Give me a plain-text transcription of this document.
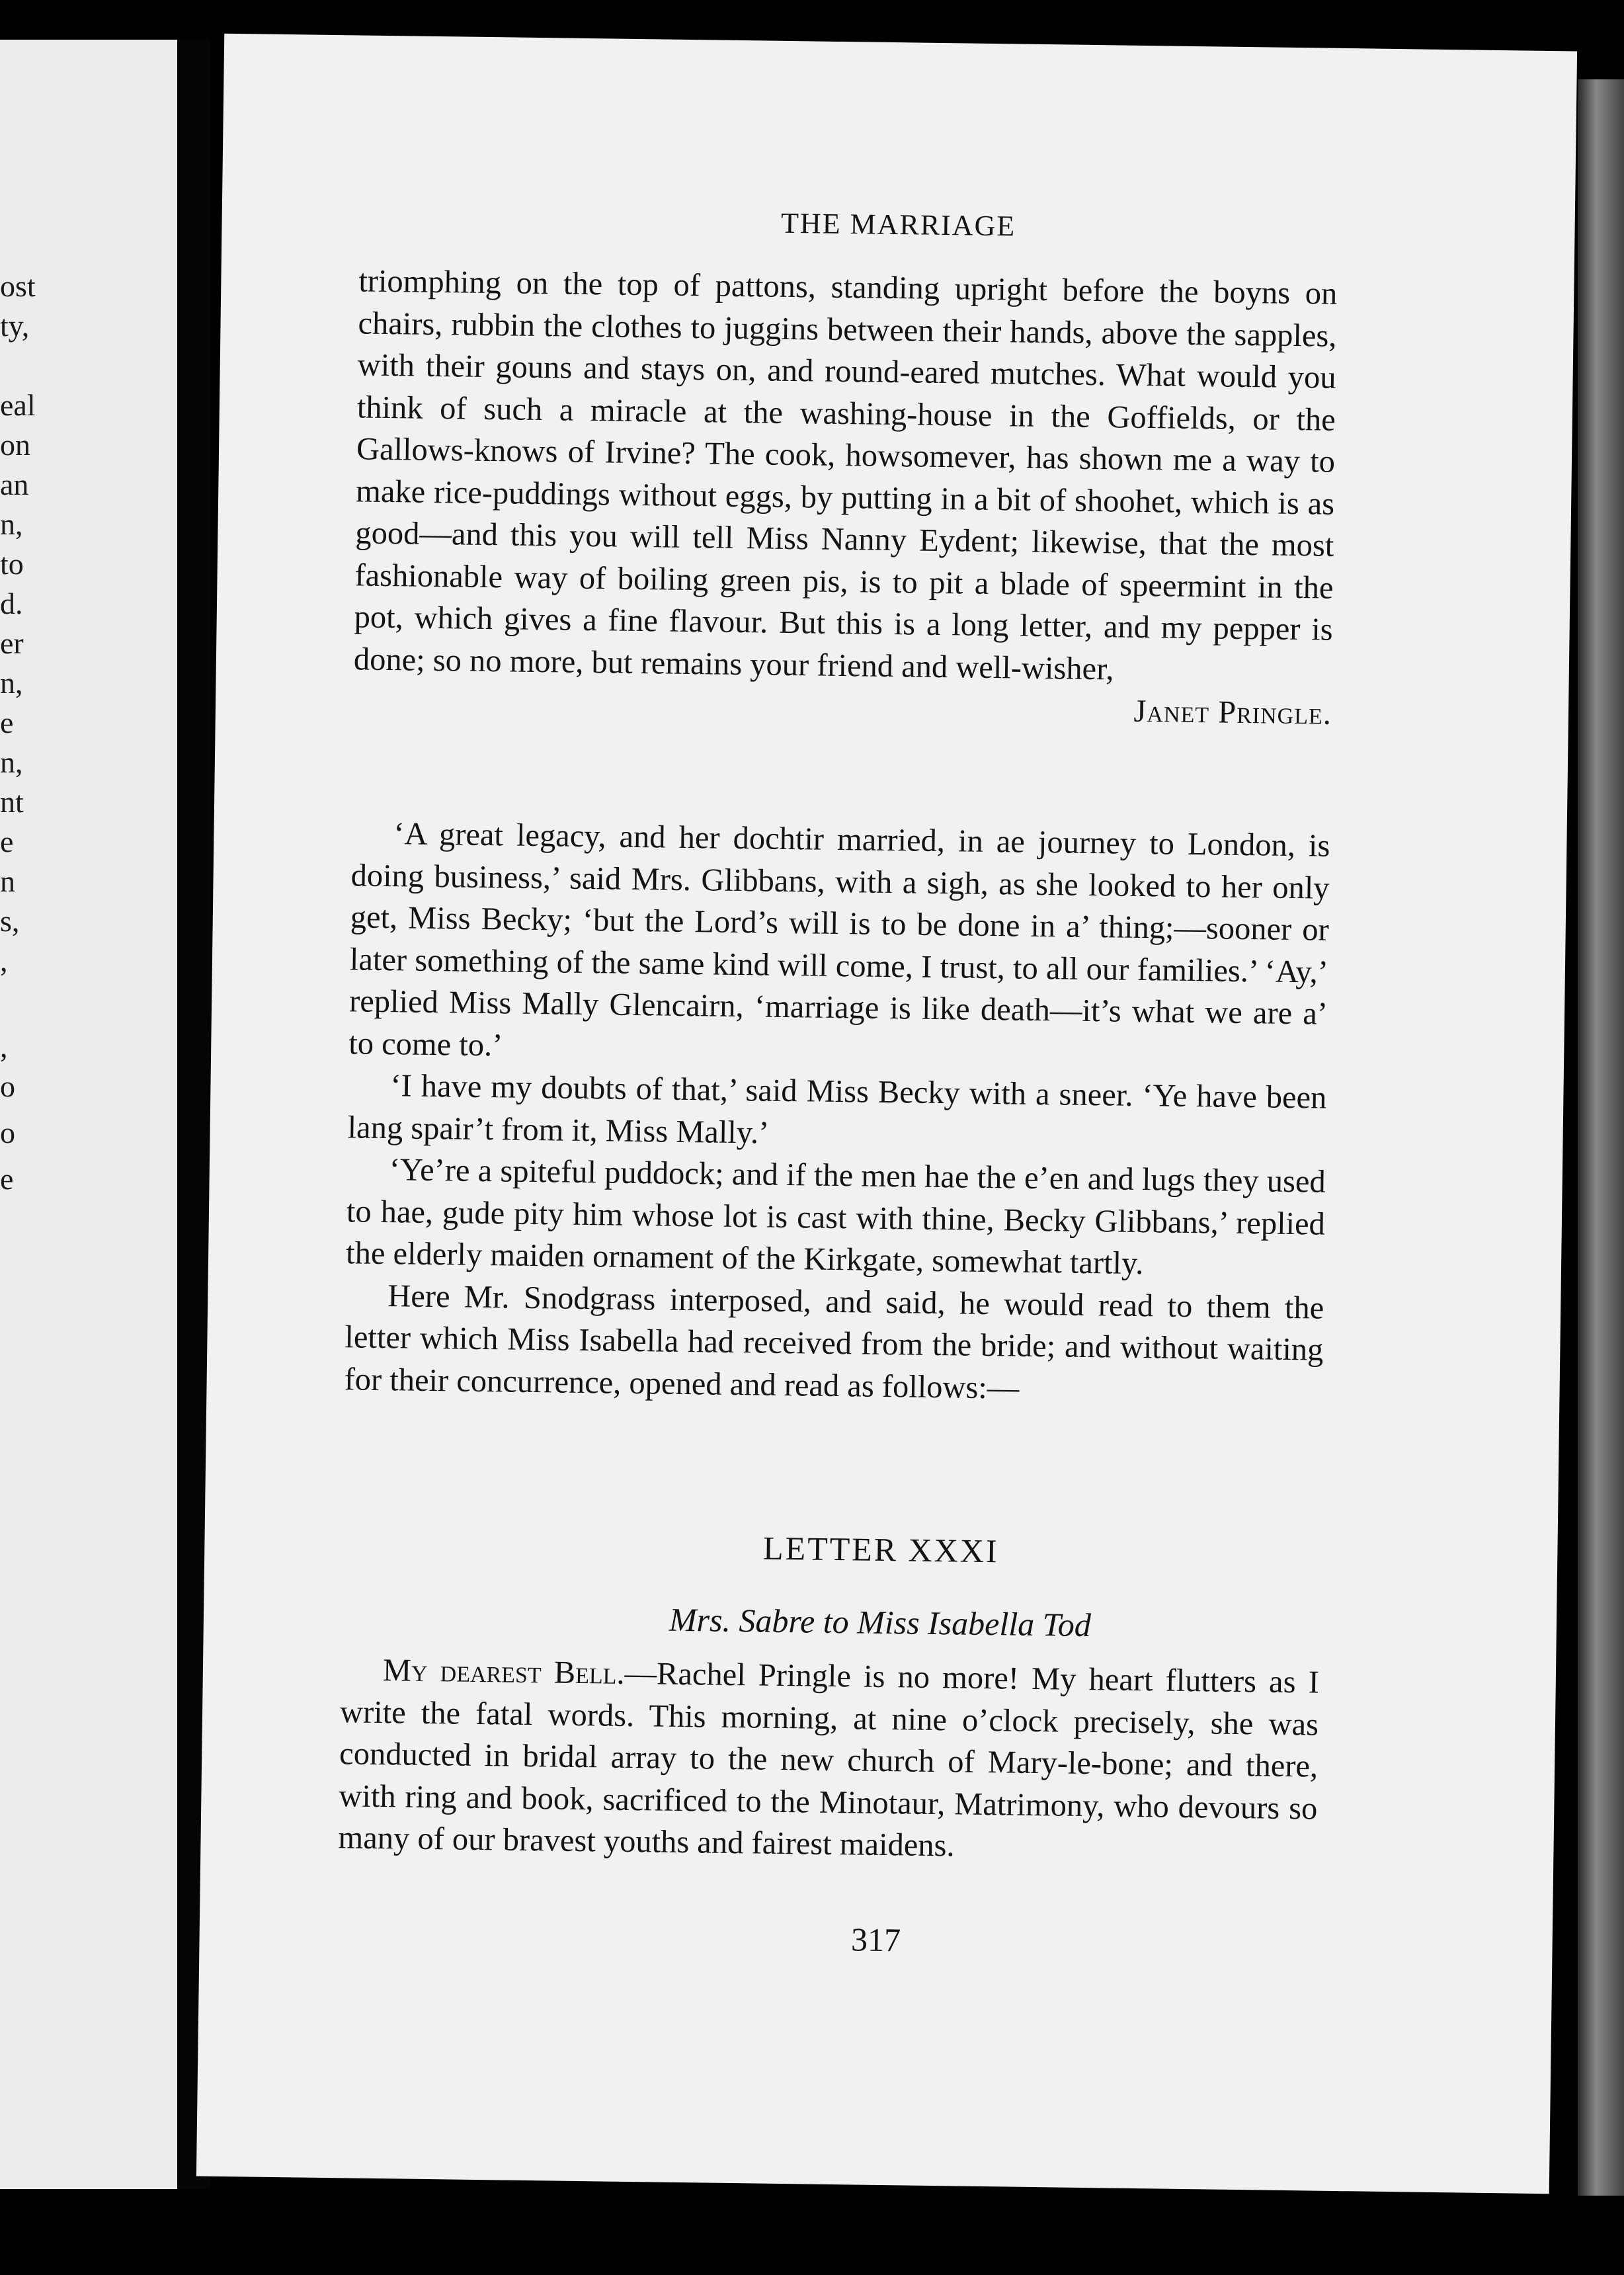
ost
ty,
eal
on
an
n,
to
d.
er
n,
e
n,
nt
e
n
s,
,
,
o
o
e
THE MARRIAGE

triomphing on the top of pattons, standing upright before the boyns on chairs, rubbin the clothes to juggins between their hands, above the sapples, with their gouns and stays on, and round-eared mutches. What would you think of such a miracle at the washing-house in the Goffields, or the Gallows-knows of Irvine? The cook, howsomever, has shown me a way to make rice-puddings without eggs, by putting in a bit of shoohet, which is as good—and this you will tell Miss Nanny Eydent; likewise, that the most fashionable way of boiling green pis, is to pit a blade of speermint in the pot, which gives a fine flavour. But this is a long letter, and my pepper is done; so no more, but remains your friend and well-wisher,

Janet Pringle.

‘A great legacy, and her dochtir married, in ae journey to London, is doing business,’ said Mrs. Glibbans, with a sigh, as she looked to her only get, Miss Becky; ‘but the Lord’s will is to be done in a’ thing;—sooner or later something of the same kind will come, I trust, to all our families.’ ‘Ay,’ replied Miss Mally Glencairn, ‘marriage is like death—it’s what we are a’ to come to.’

‘I have my doubts of that,’ said Miss Becky with a sneer. ‘Ye have been lang spair’t from it, Miss Mally.’

‘Ye’re a spiteful puddock; and if the men hae the e’en and lugs they used to hae, gude pity him whose lot is cast with thine, Becky Glibbans,’ replied the elderly maiden ornament of the Kirkgate, somewhat tartly.

Here Mr. Snodgrass interposed, and said, he would read to them the letter which Miss Isabella had received from the bride; and without waiting for their concurrence, opened and read as follows:—

LETTER XXXI
Mrs. Sabre to Miss Isabella Tod

My dearest Bell.—Rachel Pringle is no more! My heart flutters as I write the fatal words. This morning, at nine o’clock precisely, she was conducted in bridal array to the new church of Mary-le-bone; and there, with ring and book, sacrificed to the Minotaur, Matrimony, who devours so many of our bravest youths and fairest maidens.

317
